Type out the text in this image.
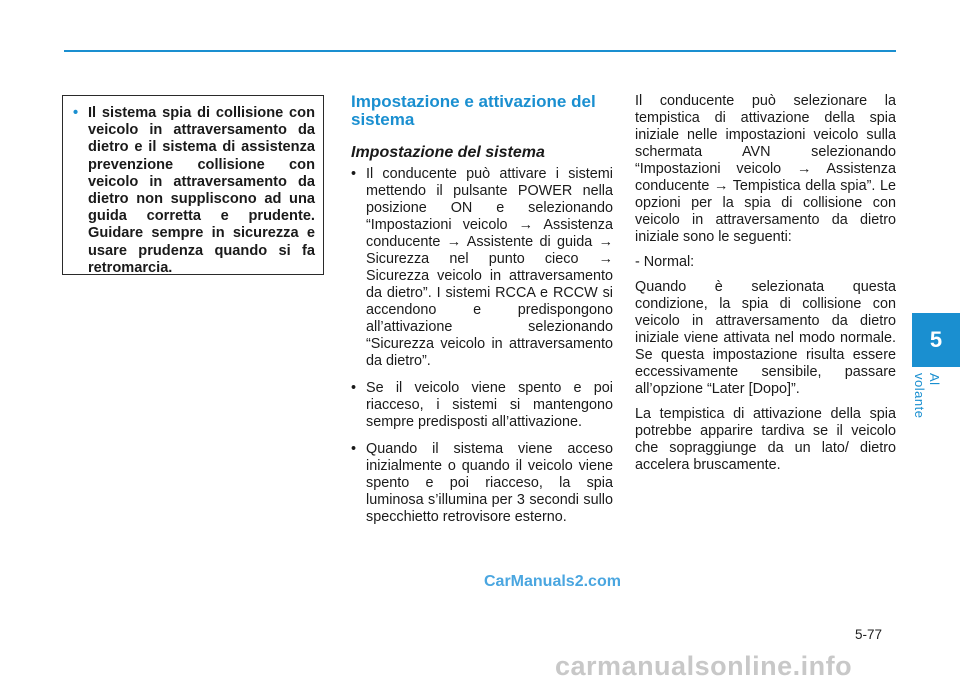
• Il sistema spia di collisione con veicolo in attraversamento da dietro e il sistema di assistenza prevenzione collisione con veicolo in attraversamento da dietro non suppliscono ad una guida corretta e prudente. Guidare sempre in sicurezza e usare prudenza quando si fa retromarcia.

Impostazione e attivazione del sistema
Impostazione del sistema
• Il conducente può attivare i sistemi mettendo il pulsante POWER nella posizione ON e selezionando “Impostazioni veicolo → Assistenza conducente → Assistente di guida → Sicurezza nel punto cieco → Sicurezza veicolo in attraversamento da dietro”. I sistemi RCCA e RCCW si accendono e predispongono all’attivazione selezionando “Sicurezza veicolo in attraversamento da dietro”.
• Se il veicolo viene spento e poi riacceso, i sistemi si mantengono sempre predisposti all’attivazione.
• Quando il sistema viene acceso inizialmente o quando il veicolo viene spento e poi riacceso, la spia luminosa s’illumina per 3 secondi sullo specchietto retrovisore esterno.

Il conducente può selezionare la tempistica di attivazione della spia iniziale nelle impostazioni veicolo sulla schermata AVN selezionando “Impostazioni veicolo → Assistenza conducente → Tempistica della spia”. Le opzioni per la spia di collisione con veicolo in attraversamento da dietro iniziale sono le seguenti:

- Normal:

Quando è selezionata questa condizione, la spia di collisione con veicolo in attraversamento da dietro iniziale viene attivata nel modo normale. Se questa impostazione risulta essere eccessivamente sensibile, passare all’opzione “Later [Dopo]”.

La tempistica di attivazione della spia potrebbe apparire tardiva se il veicolo che sopraggiunge da un lato/ dietro accelera bruscamente.

5
Al volante
CarManuals2.com
5-77
carmanualsonline.info
